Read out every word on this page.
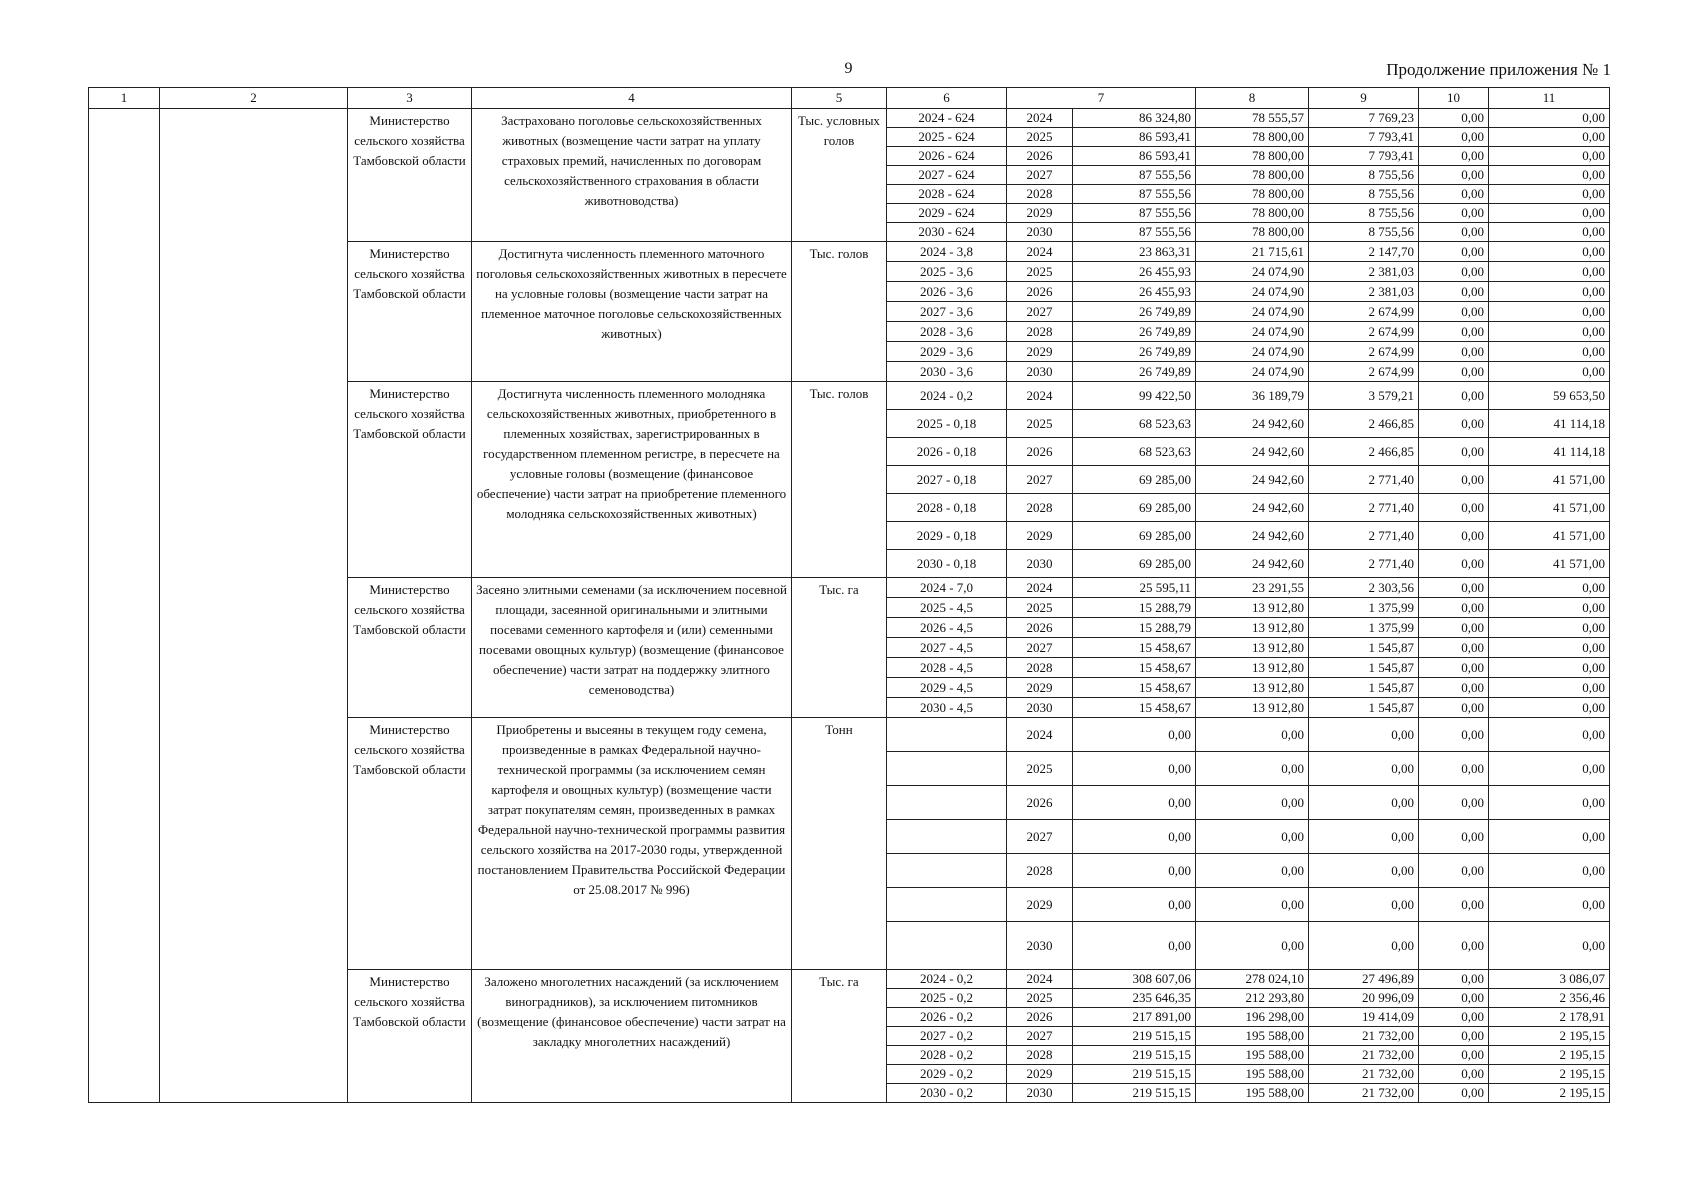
9	Продолжение приложения № 1
1	2	3	4	5	6	7		8	9	10	11
		Министерство сельского хозяйства Тамбовской области	Застраховано поголовье сельскохозяйственных животных (возмещение части затрат на уплату страховых премий, начисленных по договорам сельскохозяйственного страхования в области животноводства)	Тыс. условных голов	2024 - 624	2024	86 324,80	78 555,57	7 769,23	0,00	0,00
					2025 - 624	2025	86 593,41	78 800,00	7 793,41	0,00	0,00
					2026 - 624	2026	86 593,41	78 800,00	7 793,41	0,00	0,00
					2027 - 624	2027	87 555,56	78 800,00	8 755,56	0,00	0,00
					2028 - 624	2028	87 555,56	78 800,00	8 755,56	0,00	0,00
					2029 - 624	2029	87 555,56	78 800,00	8 755,56	0,00	0,00
					2030 - 624	2030	87 555,56	78 800,00	8 755,56	0,00	0,00
		Министерство сельского хозяйства Тамбовской области	Достигнута численность племенного маточного поголовья сельскохозяйственных животных в пересчете на условные головы (возмещение части затрат на племенное маточное поголовье сельскохозяйственных животных)	Тыс. голов	2024 - 3,8	2024	23 863,31	21 715,61	2 147,70	0,00	0,00
					2025 - 3,6	2025	26 455,93	24 074,90	2 381,03	0,00	0,00
					2026 - 3,6	2026	26 455,93	24 074,90	2 381,03	0,00	0,00
					2027 - 3,6	2027	26 749,89	24 074,90	2 674,99	0,00	0,00
					2028 - 3,6	2028	26 749,89	24 074,90	2 674,99	0,00	0,00
					2029 - 3,6	2029	26 749,89	24 074,90	2 674,99	0,00	0,00
					2030 - 3,6	2030	26 749,89	24 074,90	2 674,99	0,00	0,00
		Министерство сельского хозяйства Тамбовской области	Достигнута численность племенного молодняка сельскохозяйственных животных, приобретенного в племенных хозяйствах, зарегистрированных в государственном племенном регистре, в пересчете на условные головы (возмещение (финансовое обеспечение) части затрат на приобретение племенного молодняка сельскохозяйственных животных)	Тыс. голов	2024 - 0,2	2024	99 422,50	36 189,79	3 579,21	0,00	59 653,50
					2025 - 0,18	2025	68 523,63	24 942,60	2 466,85	0,00	41 114,18
					2026 - 0,18	2026	68 523,63	24 942,60	2 466,85	0,00	41 114,18
					2027 - 0,18	2027	69 285,00	24 942,60	2 771,40	0,00	41 571,00
					2028 - 0,18	2028	69 285,00	24 942,60	2 771,40	0,00	41 571,00
					2029 - 0,18	2029	69 285,00	24 942,60	2 771,40	0,00	41 571,00
					2030 - 0,18	2030	69 285,00	24 942,60	2 771,40	0,00	41 571,00
		Министерство сельского хозяйства Тамбовской области	Засеяно элитными семенами (за исключением посевной площади, засеянной оригинальными и элитными посевами семенного картофеля и (или) семенными посевами овощных культур) (возмещение (финансовое обеспечение) части затрат на поддержку элитного семеноводства)	Тыс. га	2024 - 7,0	2024	25 595,11	23 291,55	2 303,56	0,00	0,00
					2025 - 4,5	2025	15 288,79	13 912,80	1 375,99	0,00	0,00
					2026 - 4,5	2026	15 288,79	13 912,80	1 375,99	0,00	0,00
					2027 - 4,5	2027	15 458,67	13 912,80	1 545,87	0,00	0,00
					2028 - 4,5	2028	15 458,67	13 912,80	1 545,87	0,00	0,00
					2029 - 4,5	2029	15 458,67	13 912,80	1 545,87	0,00	0,00
					2030 - 4,5	2030	15 458,67	13 912,80	1 545,87	0,00	0,00
		Министерство сельского хозяйства Тамбовской области	Приобретены и высеяны в текущем году семена, произведенные в рамках Федеральной научно-технической программы (за исключением семян картофеля и овощных культур) (возмещение части затрат покупателям семян, произведенных в рамках Федеральной научно-технической программы развития сельского хозяйства на 2017-2030 годы, утвержденной постановлением Правительства Российской Федерации от 25.08.2017 № 996)	Тонн		2024	0,00	0,00	0,00	0,00	0,00
						2025	0,00	0,00	0,00	0,00	0,00
						2026	0,00	0,00	0,00	0,00	0,00
						2027	0,00	0,00	0,00	0,00	0,00
						2028	0,00	0,00	0,00	0,00	0,00
						2029	0,00	0,00	0,00	0,00	0,00
						2030	0,00	0,00	0,00	0,00	0,00
		Министерство сельского хозяйства Тамбовской области	Заложено многолетних насаждений (за исключением виноградников), за исключением питомников (возмещение (финансовое обеспечение) части затрат на закладку многолетних насаждений)	Тыс. га	2024 - 0,2	2024	308 607,06	278 024,10	27 496,89	0,00	3 086,07
					2025 - 0,2	2025	235 646,35	212 293,80	20 996,09	0,00	2 356,46
					2026 - 0,2	2026	217 891,00	196 298,00	19 414,09	0,00	2 178,91
					2027 - 0,2	2027	219 515,15	195 588,00	21 732,00	0,00	2 195,15
					2028 - 0,2	2028	219 515,15	195 588,00	21 732,00	0,00	2 195,15
					2029 - 0,2	2029	219 515,15	195 588,00	21 732,00	0,00	2 195,15
					2030 - 0,2	2030	219 515,15	195 588,00	21 732,00	0,00	2 195,15
